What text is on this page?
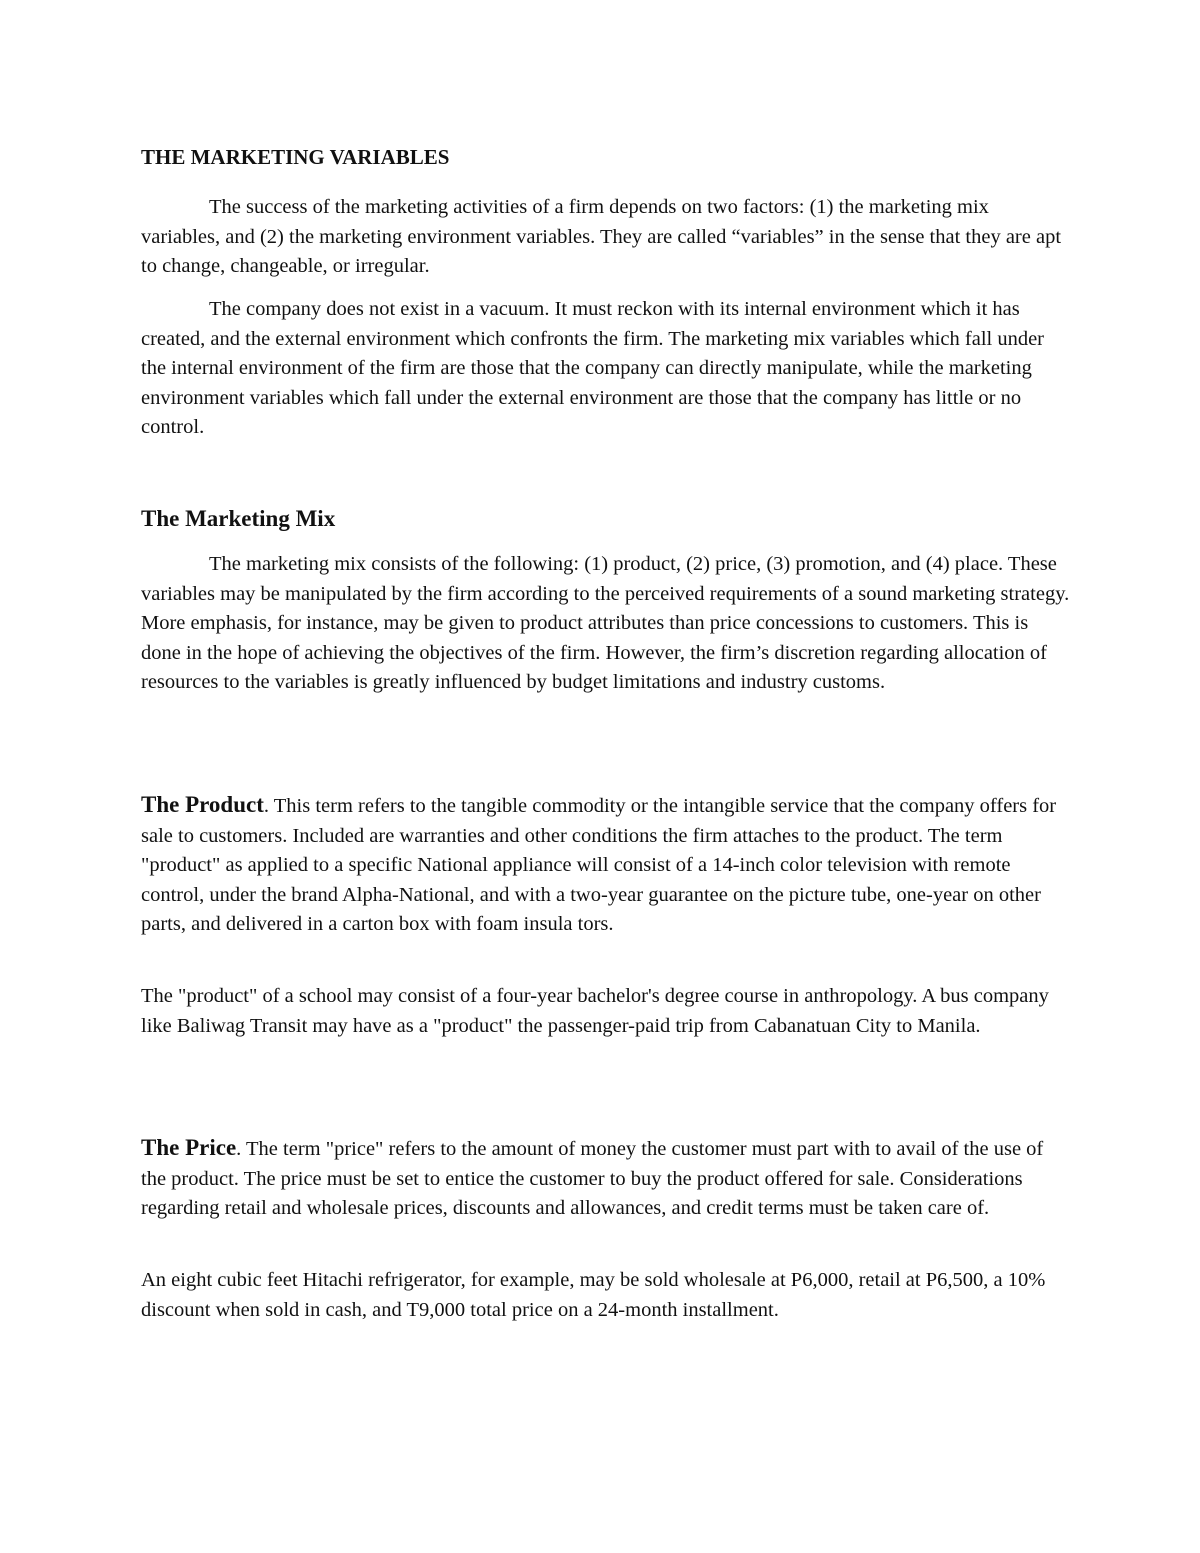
THE MARKETING VARIABLES

The success of the marketing activities of a firm depends on two factors: (1) the marketing mix variables, and (2) the marketing environment variables. They are called “variables” in the sense that they are apt to change, changeable, or irregular.

The company does not exist in a vacuum. It must reckon with its internal environment which it has created, and the external environment which confronts the firm. The marketing mix variables which fall under the internal environment of the firm are those that the company can directly manipulate, while the marketing environment variables which fall under the external environment are those that the company has little or no control.

The Marketing Mix

The marketing mix consists of the following: (1) product, (2) price, (3) promotion, and (4) place. These variables may be manipulated by the firm according to the perceived requirements of a sound marketing strategy. More emphasis, for instance, may be given to product attributes than price concessions to customers. This is done in the hope of achieving the objectives of the firm. However, the firm’s discretion regarding allocation of resources to the variables is greatly influenced by budget limitations and industry customs.

The Product. This term refers to the tangible commodity or the intangible service that the company offers for sale to customers. Included are warranties and other conditions the firm attaches to the product. The term "product" as applied to a specific National appliance will consist of a 14-inch color television with remote control, under the brand Alpha-National, and with a two-year guarantee on the picture tube, one-year on other parts, and delivered in a carton box with foam insula tors.

The "product" of a school may consist of a four-year bachelor's degree course in anthropology. A bus company like Baliwag Transit may have as a "product" the passenger-paid trip from Cabanatuan City to Manila.

The Price. The term "price" refers to the amount of money the customer must part with to avail of the use of the product. The price must be set to entice the customer to buy the product offered for sale. Considerations regarding retail and wholesale prices, discounts and allowances, and credit terms must be taken care of.

An eight cubic feet Hitachi refrigerator, for example, may be sold wholesale at P6,000, retail at P6,500, a 10% discount when sold in cash, and T9,000 total price on a 24-month installment.
